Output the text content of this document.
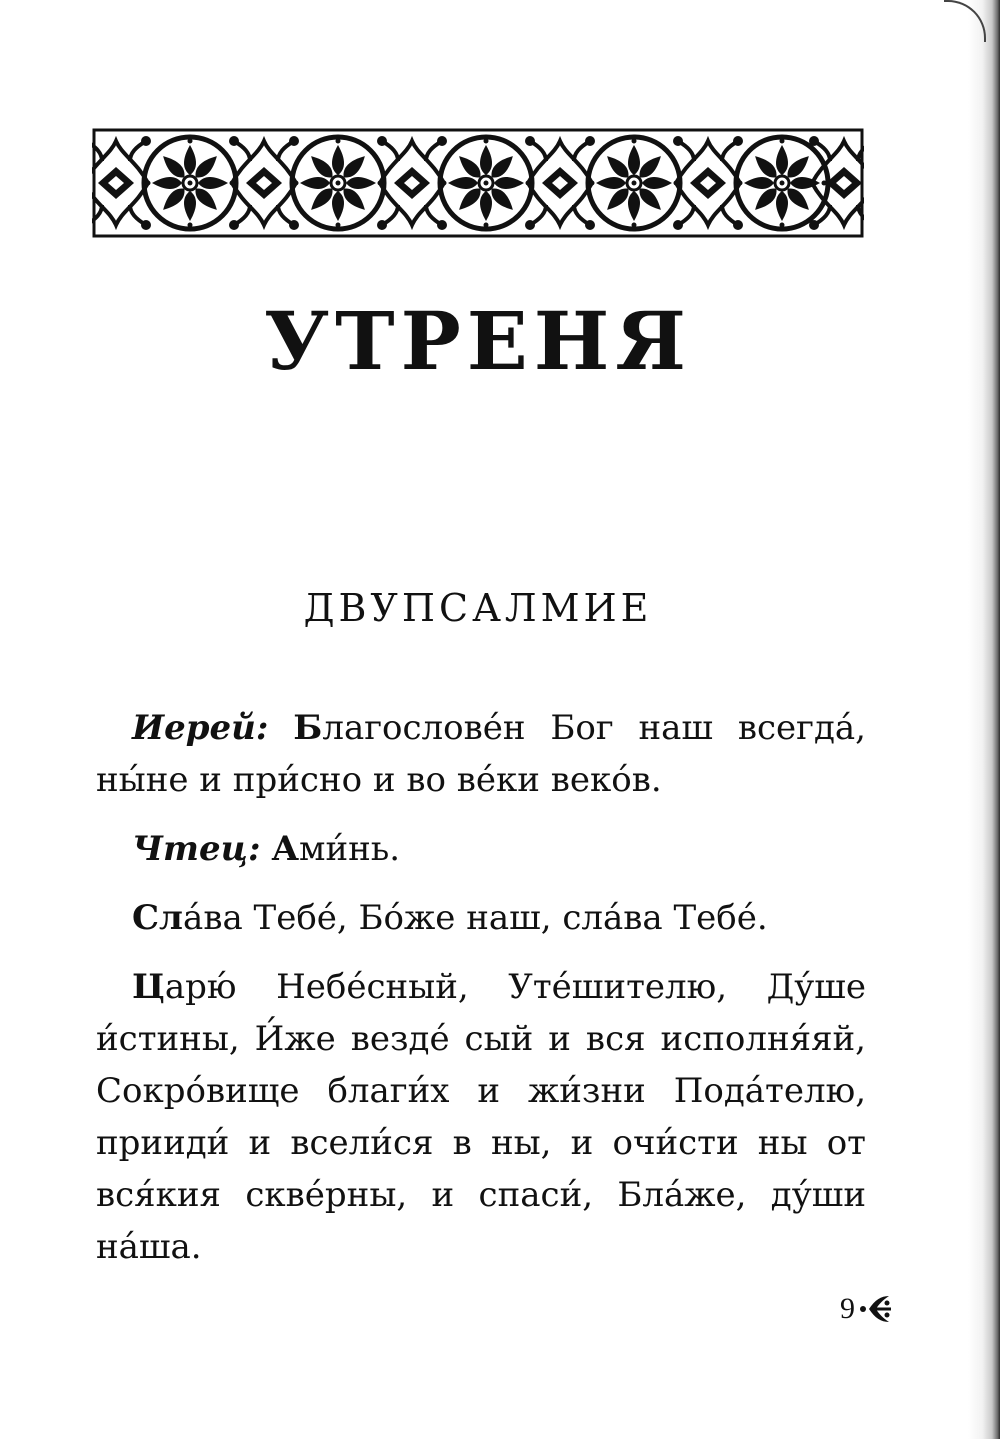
УТРЕНЯ
ДВУПСАЛМИЕ

Иерей: Благослове́н Бог наш всегда́, ны́не и при́сно и во ве́ки веко́в.

Чтец: Ами́нь.

Сла́ва Тебе́, Бо́же наш, сла́ва Тебе́.

Царю́ Небе́сный, Уте́шителю, Ду́ше и́стины, И́же везде́ сый и вся исполня́яй, Сокро́вище благи́х и жи́зни Пода́телю, прииди́ и всели́ся в ны, и очи́сти ны от вся́кия скве́рны, и спаси́, Бла́же, ду́ши на́ша.

9
